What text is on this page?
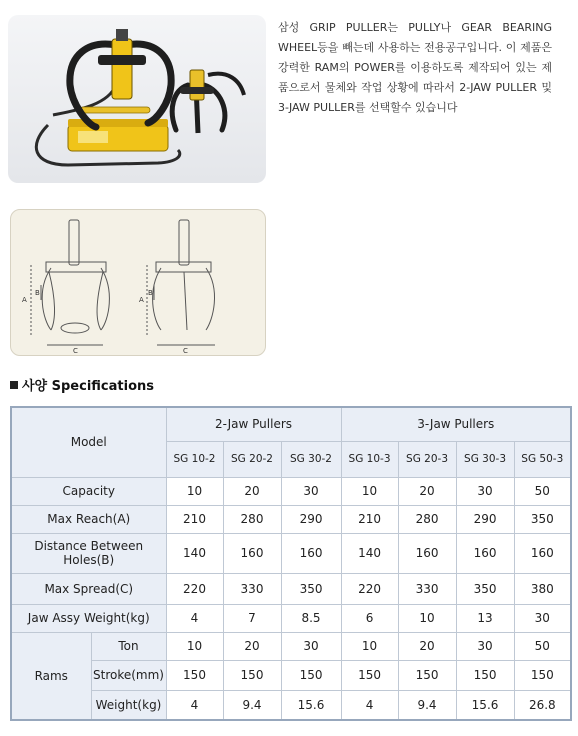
삼성 GRIP PULLER는 PULLY나 GEAR BEARING WHEEL등을 빼는데 사용하는 전용공구입니다. 이 제품은 강력한 RAM의 POWER를 이용하도록 제작되어 있는 제품으로서 물체와 작업 상황에 따라서 2-JAW PULLER 및 3-JAW PULLER를 선택할수 있습니다
A
B
C
A
B
C
사양 Specifications
Model		2-Jaw Pullers			3-Jaw Pullers			
		SG 10-2	SG 20-2	SG 30-2	SG 10-3	SG 20-3	SG 30-3	SG 50-3
Capacity		10	20	30	10	20	30	50
Max Reach(A)		210	280	290	210	280	290	350

Distance Between
Holes(B)		140	160	160	140	160	160	160
Max Spread(C)		220	330	350	220	330	350	380
Jaw Assy Weight(kg)		4	7	8.5	6	10	13	30
Rams	Ton	10	20	30	10	20	30	50
	Stroke(mm)	150	150	150	150	150	150	150
	Weight(kg)	4	9.4	15.6	4	9.4	15.6	26.8
